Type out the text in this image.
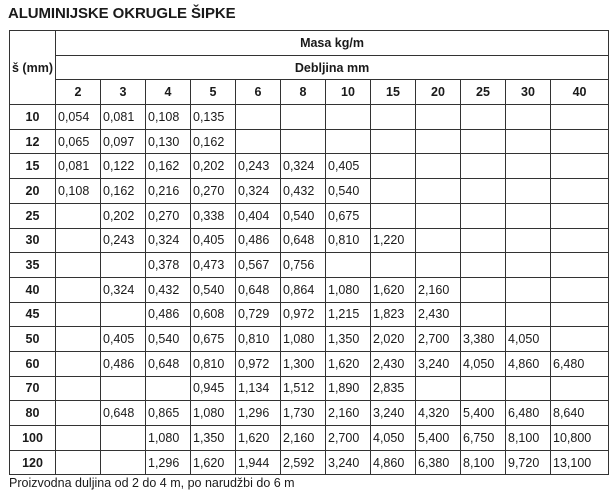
ALUMINIJSKE OKRUGLE ŠIPKE
š (mm)	Masa kg/m											
	Debljina mm											
	2	3	4	5	6	8	10	15	20	25	30	40
10	0,054	0,081	0,108	0,135								
12	0,065	0,097	0,130	0,162								
15	0,081	0,122	0,162	0,202	0,243	0,324	0,405					
20	0,108	0,162	0,216	0,270	0,324	0,432	0,540					
25		0,202	0,270	0,338	0,404	0,540	0,675					
30		0,243	0,324	0,405	0,486	0,648	0,810	1,220				
35			0,378	0,473	0,567	0,756						
40		0,324	0,432	0,540	0,648	0,864	1,080	1,620	2,160			
45			0,486	0,608	0,729	0,972	1,215	1,823	2,430			
50		0,405	0,540	0,675	0,810	1,080	1,350	2,020	2,700	3,380	4,050	
60		0,486	0,648	0,810	0,972	1,300	1,620	2,430	3,240	4,050	4,860	6,480
70				0,945	1,134	1,512	1,890	2,835				
80		0,648	0,865	1,080	1,296	1,730	2,160	3,240	4,320	5,400	6,480	8,640
100			1,080	1,350	1,620	2,160	2,700	4,050	5,400	6,750	8,100	10,800
120			1,296	1,620	1,944	2,592	3,240	4,860	6,380	8,100	9,720	13,100
Proizvodna duljina od 2 do 4 m, po narudžbi do 6 m
